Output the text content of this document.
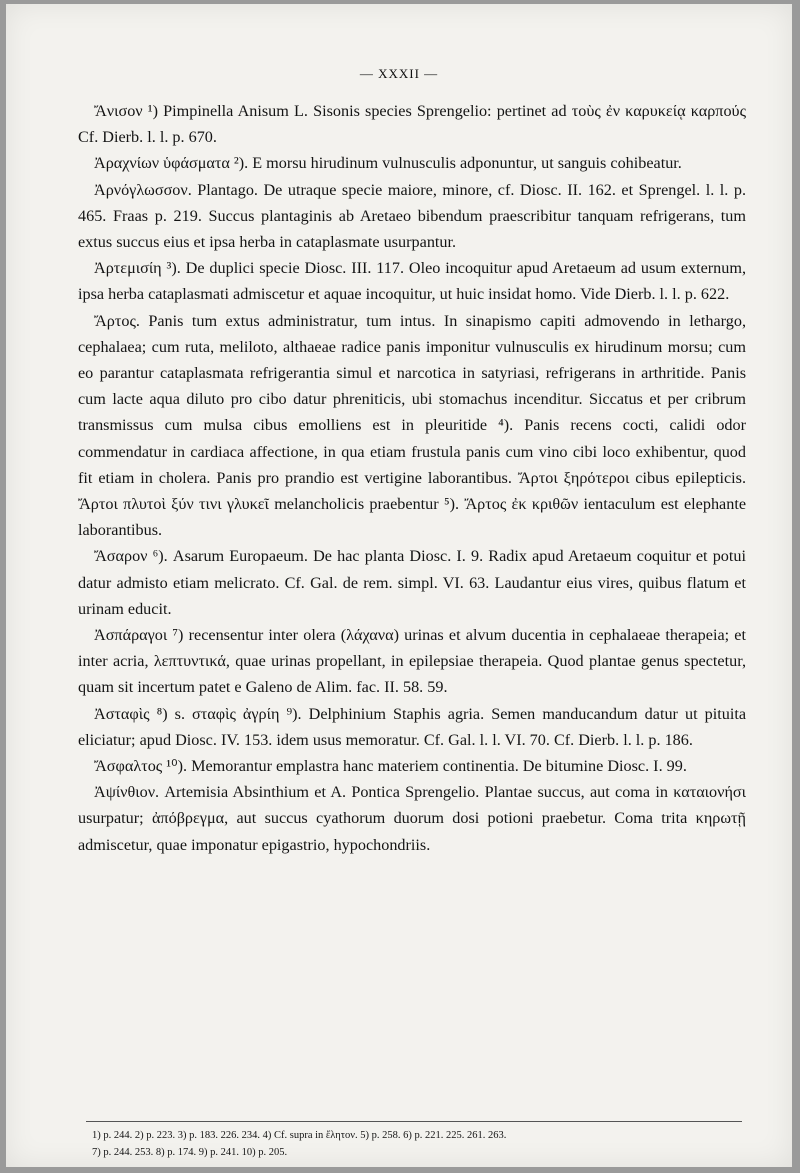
— XXXII —

Ἄνισον ¹) Pimpinella Anisum L. Sisonis species Sprengelio: pertinet ad τοὺς ἐν καρυκείᾳ καρπούς Cf. Dierb. l. l. p. 670.

Ἀραχνίων ὑφάσματα ²). E morsu hirudinum vulnusculis adponuntur, ut sanguis cohibeatur.

Ἀρνόγλωσσον. Plantago. De utraque specie maiore, minore, cf. Diosc. II. 162. et Sprengel. l. l. p. 465. Fraas p. 219. Succus plantaginis ab Aretaeo bibendum praescribitur tanquam refrigerans, tum extus succus eius et ipsa herba in cataplasmate usurpantur.

Ἀρτεμισίη ³). De duplici specie Diosc. III. 117. Oleo incoquitur apud Aretaeum ad usum externum, ipsa herba cataplasmati admiscetur et aquae incoquitur, ut huic insidat homo. Vide Dierb. l. l. p. 622.

Ἄρτος. Panis tum extus administratur, tum intus. In sinapismo capiti admovendo in lethargo, cephalaea; cum ruta, meliloto, althaeae radice panis imponitur vulnusculis ex hirudinum morsu; cum eo parantur cataplasmata refrigerantia simul et narcotica in satyriasi, refrigerans in arthritide. Panis cum lacte aqua diluto pro cibo datur phreniticis, ubi stomachus incenditur. Siccatus et per cribrum transmissus cum mulsa cibus emolliens est in pleuritide ⁴). Panis recens cocti, calidi odor commendatur in cardiaca affectione, in qua etiam frustula panis cum vino cibi loco exhibentur, quod fit etiam in cholera. Panis pro prandio est vertigine laborantibus. Ἄρτοι ξηρότεροι cibus epilepticis. Ἄρτοι πλυτοὶ ξύν τινι γλυκεῖ melancholicis praebentur ⁵). Ἄρτος ἐκ κριθῶν ientaculum est elephante laborantibus.

Ἄσαρον ⁶). Asarum Europaeum. De hac planta Diosc. I. 9. Radix apud Aretaeum coquitur et potui datur admisto etiam melicrato. Cf. Gal. de rem. simpl. VI. 63. Laudantur eius vires, quibus flatum et urinam educit.

Ἀσπάραγοι ⁷) recensentur inter olera (λάχανα) urinas et alvum ducentia in cephalaeae therapeia; et inter acria, λεπτυντικά, quae urinas propellant, in epilepsiae therapeia. Quod plantae genus spectetur, quam sit incertum patet e Galeno de Alim. fac. II. 58. 59.

Ἀσταφὶς ⁸) s. σταφὶς ἀγρίη ⁹). Delphinium Staphis agria. Semen manducandum datur ut pituita eliciatur; apud Diosc. IV. 153. idem usus memoratur. Cf. Gal. l. l. VI. 70. Cf. Dierb. l. l. p. 186.

Ἄσφαλτος ¹⁰). Memorantur emplastra hanc materiem continentia. De bitumine Diosc. I. 99.

Ἀψίνθιον. Artemisia Absinthium et A. Pontica Sprengelio. Plantae succus, aut coma in καταιονήσι usurpatur; ἀπόβρεγμα, aut succus cyathorum duorum dosi potioni praebetur. Coma trita κηρωτῇ admiscetur, quae imponatur epigastrio, hypochondriis.

1) p. 244. 2) p. 223. 3) p. 183. 226. 234. 4) Cf. supra in ἔλητον. 5) p. 258. 6) p. 221. 225. 261. 263.
7) p. 244. 253. 8) p. 174. 9) p. 241. 10) p. 205.
